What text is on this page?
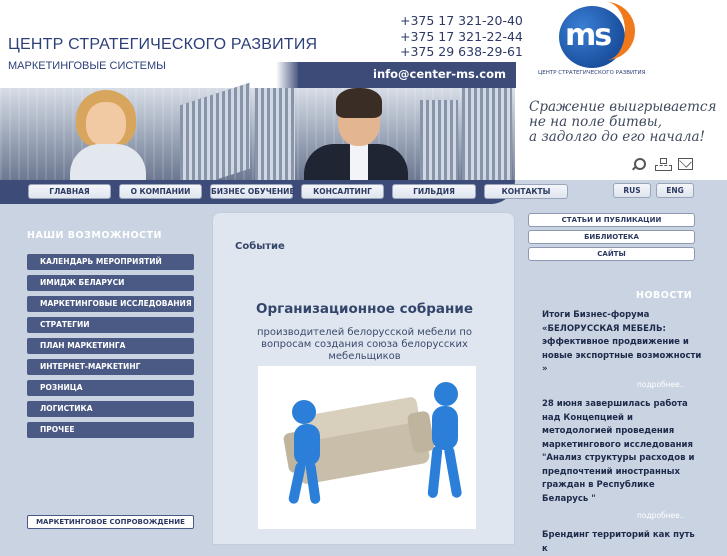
ЦЕНТР СТРАТЕГИЧЕСКОГО РАЗВИТИЯ
МАРКЕТИНГОВЫЕ СИСТЕМЫ
+375 17 321-20-40
+375 17 321-22-44
+375 29 638-29-61
info@center-ms.com
ms
ЦЕНТР СТРАТЕГИЧЕСКОГО РАЗВИТИЯ
Сражение выигрывается
не на поле битвы,
а задолго до его начала!
ГЛАВНАЯ	О КОМПАНИИ	БИЗНЕС ОБУЧЕНИЕ	КОНСАЛТИНГ	ГИЛЬДИЯ	КОНТАКТЫ	RUS	ENG
НАШИ ВОЗМОЖНОСТИ
КАЛЕНДАРЬ МЕРОПРИЯТИЙ
ИМИДЖ БЕЛАРУСИ
МАРКЕТИНГОВЫЕ ИССЛЕДОВАНИЯ
СТРАТЕГИИ
ПЛАН МАРКЕТИНГА
ИНТЕРНЕТ-МАРКЕТИНГ
РОЗНИЦА
ЛОГИСТИКА
ПРОЧЕЕ
МАРКЕТИНГОВОЕ СОПРОВОЖДЕНИЕ
Событие
Организационное собрание
производителей белорусской мебели по вопросам создания союза белорусских мебельщиков
СТАТЬИ И ПУБЛИКАЦИИ
БИБЛИОТЕКА
САЙТЫ
НОВОСТИ
Итоги Бизнес-форума «БЕЛОРУССКАЯ МЕБЕЛЬ: эффективное продвижение и новые экспортные возможности »
подробнее..
28 июня завершилась работа над Концепцией и методологией проведения маркетингового исследования "Анализ структуры расходов и предпочтений иностранных граждан в Республике Беларусь "
подробнее..
Брендинг территорий как путь к
